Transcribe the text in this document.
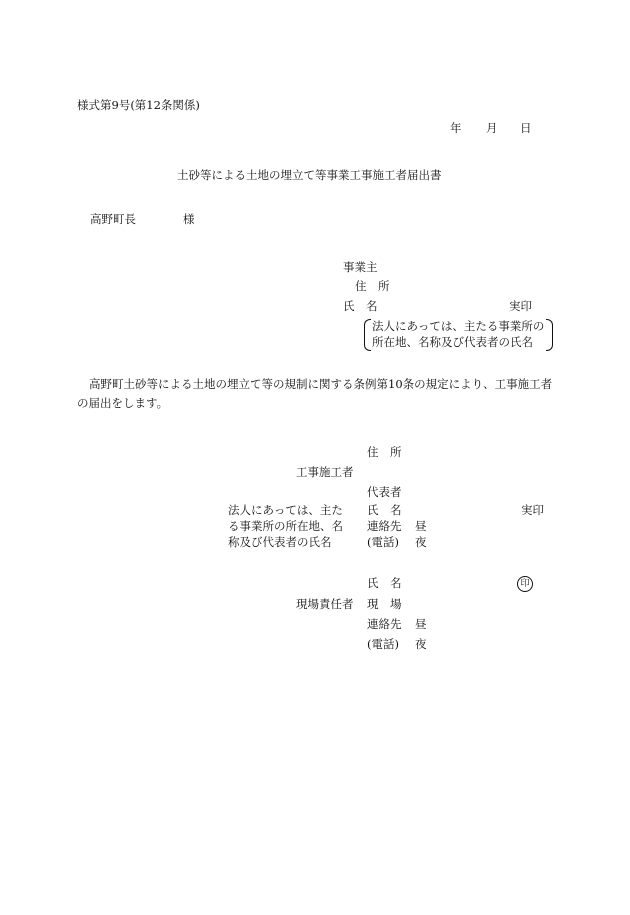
様式第9号(第12条関係)
年 月 日
土砂等による土地の埋立て等事業工事施工者届出書
高野町長	様
事業主
住　所
氏　名	実印
法人にあっては、主たる事業所の
所在地、名称及び代表者の氏名
高野町土砂等による土地の埋立て等の規制に関する条例第10条の規定により、工事施工者の届出をします。
住　所
工事施工者
代表者
法人にあっては、主た
る事業所の所在地、名
称及び代表者の氏名
氏　名	実印
連絡先 昼
(電話) 夜
氏　名	印
現場責任者 現　場
連絡先 昼
(電話) 夜
